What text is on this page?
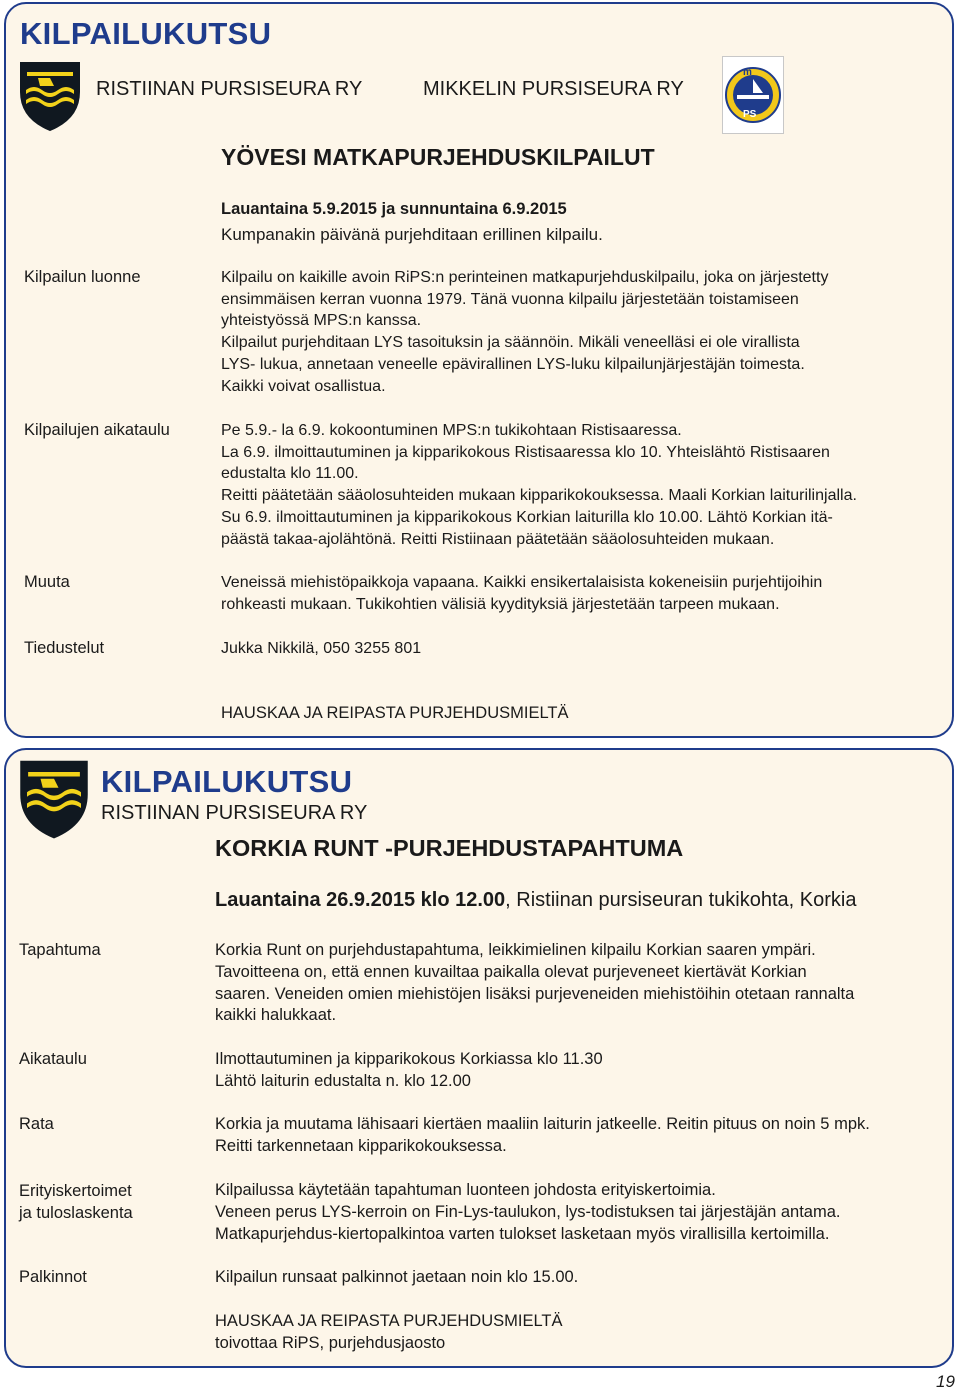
KILPAILUKUTSU
RISTIINAN PURSISEURA RY	MIKKELIN PURSISEURA RY
m
PS
YÖVESI MATKAPURJEHDUSKILPAILUT
Lauantaina 5.9.2015 ja sunnuntaina 6.9.2015
Kumpanakin päivänä purjehditaan erillinen kilpailu.
Kilpailun luonne	Kilpailu on kaikille avoin RiPS:n perinteinen matkapurjehduskilpailu, joka on järjestetty

ensimmäisen kerran vuonna 1979. Tänä vuonna kilpailu järjestetään toistamiseen

yhteistyössä MPS:n kanssa.

Kilpailut purjehditaan LYS tasoituksin ja säännöin. Mikäli veneelläsi ei ole virallista

LYS- lukua, annetaan veneelle epävirallinen LYS-luku kilpailunjärjestäjän toimesta.

Kaikki voivat osallistua.

Kilpailujen aikataulu	Pe 5.9.- la 6.9. kokoontuminen MPS:n tukikohtaan Ristisaaressa.

La 6.9. ilmoittautuminen ja kipparikokous Ristisaaressa klo 10. Yhteislähtö Ristisaaren

edustalta klo 11.00.

Reitti päätetään sääolosuhteiden mukaan kipparikokouksessa. Maali Korkian laiturilinjalla.

Su 6.9. ilmoittautuminen ja kipparikokous Korkian laiturilla klo 10.00. Lähtö Korkian itä-

päästä takaa-ajolähtönä. Reitti Ristiinaan päätetään sääolosuhteiden mukaan.

Muuta	Veneissä miehistöpaikkoja vapaana. Kaikki ensikertalaisista kokeneisiin purjehtijoihin

rohkeasti mukaan. Tukikohtien välisiä kyydityksiä järjestetään tarpeen mukaan.

Tiedustelut	Jukka Nikkilä, 050 3255 801

HAUSKAA JA REIPASTA PURJEHDUSMIELTÄ
KILPAILUKUTSU
RISTIINAN PURSISEURA RY
KORKIA RUNT -PURJEHDUSTAPAHTUMA
Lauantaina 26.9.2015 klo 12.00, Ristiinan pursiseuran tukikohta, Korkia
Tapahtuma	Korkia Runt on purjehdustapahtuma, leikkimielinen kilpailu Korkian saaren ympäri.

Tavoitteena on, että ennen kuvailtaa paikalla olevat purjeveneet kiertävät Korkian

saaren. Veneiden omien miehistöjen lisäksi purjeveneiden miehistöihin otetaan rannalta

kaikki halukkaat.

Aikataulu	Ilmottautuminen ja kipparikokous Korkiassa klo 11.30

Lähtö laiturin edustalta n. klo 12.00

Rata	Korkia ja muutama lähisaari kiertäen maaliin laiturin jatkeelle. Reitin pituus on noin 5 mpk.

Reitti tarkennetaan kipparikokouksessa.

Erityiskertoimet
ja tuloslaskenta

Kilpailussa käytetään tapahtuman luonteen johdosta erityiskertoimia.

Veneen perus LYS-kerroin on Fin-Lys-taulukon, lys-todistuksen tai järjestäjän antama.

Matkapurjehdus-kiertopalkintoa varten tulokset lasketaan myös virallisilla kertoimilla.

Palkinnot	Kilpailun runsaat palkinnot jaetaan noin klo 15.00.

HAUSKAA JA REIPASTA PURJEHDUSMIELTÄ

toivottaa RiPS, purjehdusjaosto

19
